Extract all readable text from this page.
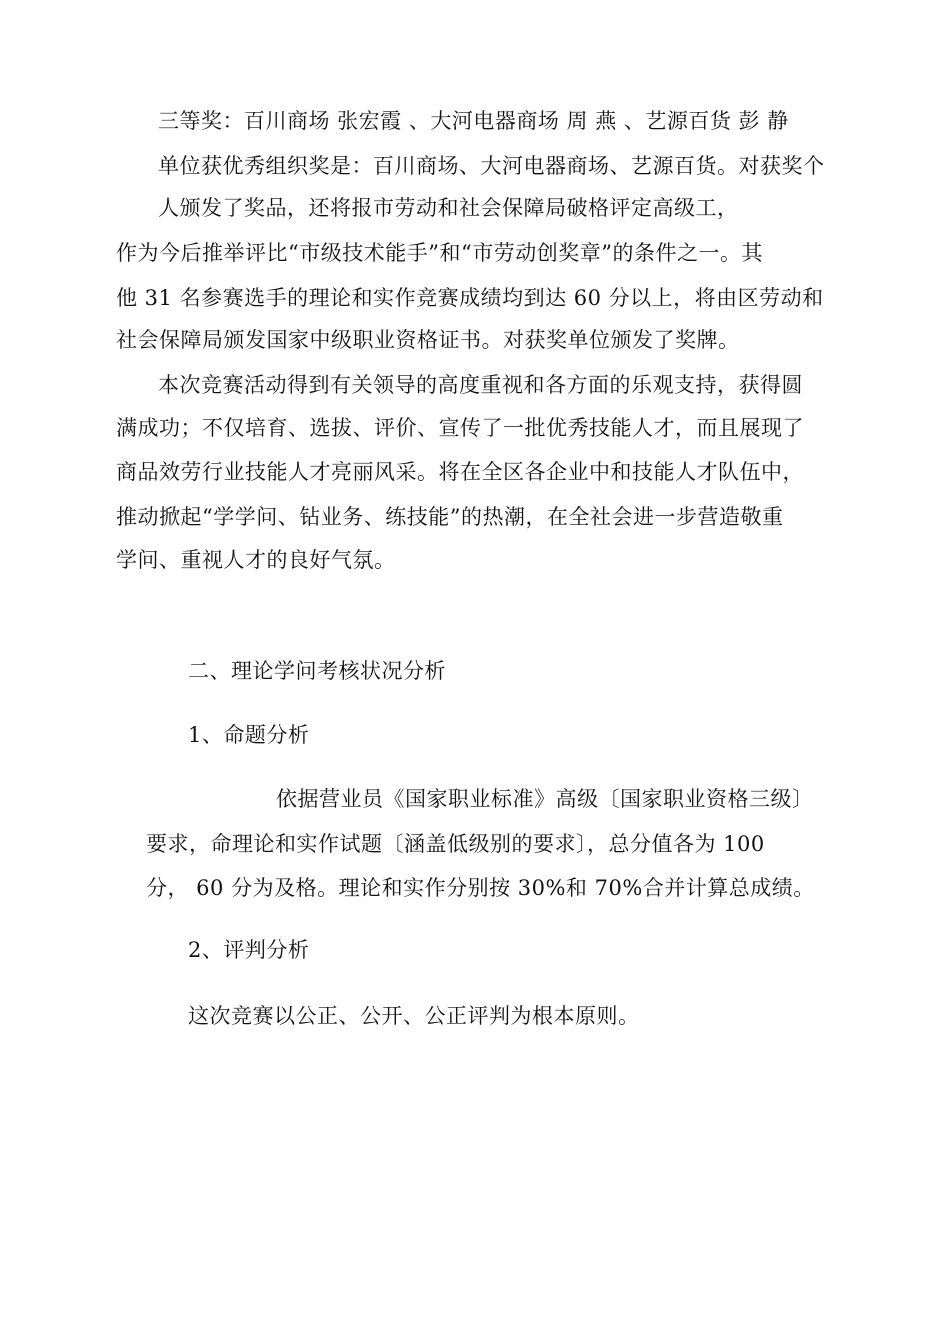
三等奖：百川商场 张宏霞 、大河电器商场 周 燕 、艺源百货 彭 静
单位获优秀组织奖是：百川商场、大河电器商场、艺源百货。对获奖个
人颁发了奖品，还将报市劳动和社会保障局破格评定高级工，
作为今后推举评比“市级技术能手”和“市劳动创奖章”的条件之一。其
他 31 名参赛选手的理论和实作竞赛成绩均到达 60 分以上，将由区劳动和
社会保障局颁发国家中级职业资格证书。对获奖单位颁发了奖牌。
本次竞赛活动得到有关领导的高度重视和各方面的乐观支持，获得圆
满成功；不仅培育、选拔、评价、宣传了一批优秀技能人才，而且展现了
商品效劳行业技能人才亮丽风采。将在全区各企业中和技能人才队伍中，
推动掀起“学学问、钻业务、练技能”的热潮，在全社会进一步营造敬重
学问、重视人才的良好气氛。
二、理论学问考核状况分析
1、命题分析
依据营业员《国家职业标准》高级〔国家职业资格三级〕
要求，命理论和实作试题〔涵盖低级别的要求〕，总分值各为 100
分， 60 分为及格。理论和实作分别按 30%和 70%合并计算总成绩。
2、评判分析
这次竞赛以公正、公开、公正评判为根本原则。
